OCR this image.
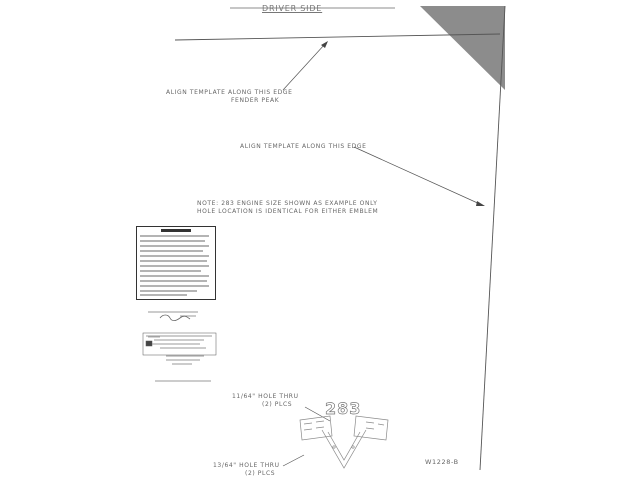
283
DRIVER SIDE
ALIGN TEMPLATE ALONG THIS EDGE
FENDER PEAK
ALIGN TEMPLATE ALONG THIS EDGE
NOTE: 283 ENGINE SIZE SHOWN AS EXAMPLE ONLY
HOLE LOCATION IS IDENTICAL FOR EITHER EMBLEM
11/64" HOLE THRU
(2) PLCS
13/64" HOLE THRU
(2) PLCS
W1228-B
